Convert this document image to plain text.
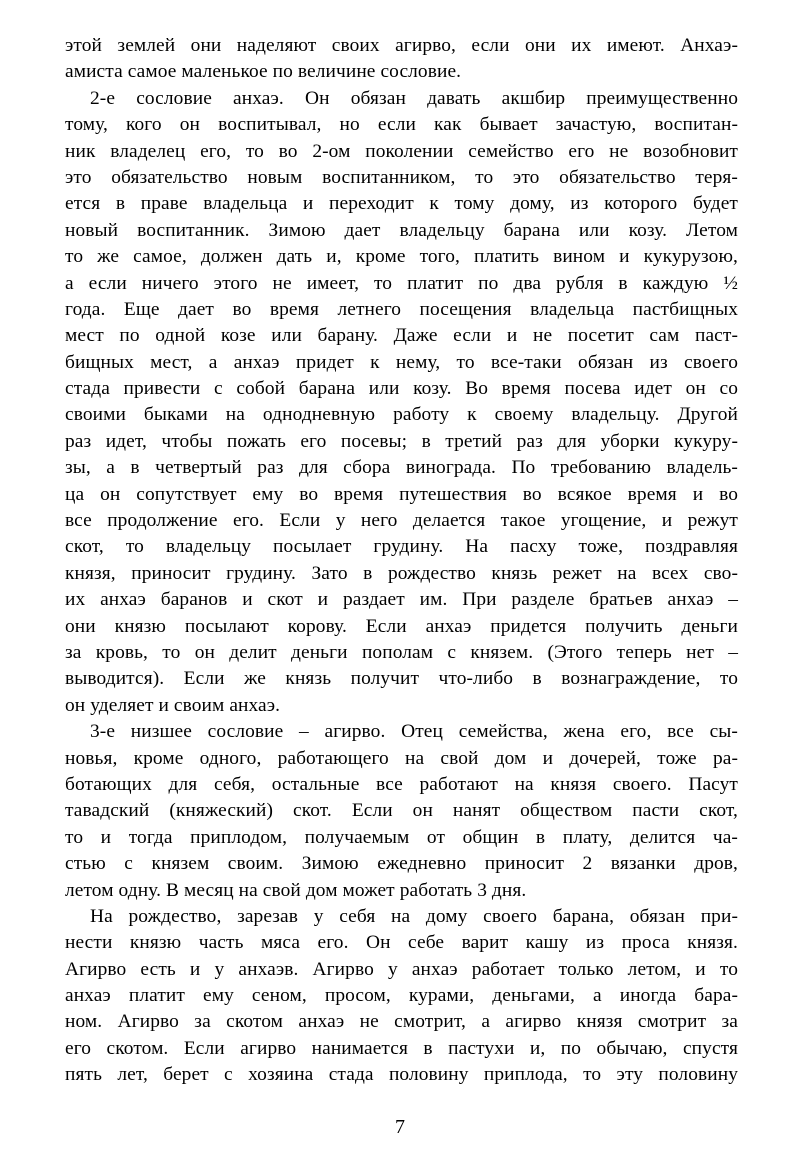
этой землей они наделяют своих агирво, если они их имеют. Анхаэ-
амиста самое маленькое по величине сословие.
2-е сословие анхаэ. Он обязан давать акшбир преимущественно
тому, кого он воспитывал, но если как бывает зачастую, воспитан-
ник владелец его, то во 2-ом поколении семейство его не возобновит
это обязательство новым воспитанником, то это обязательство теря-
ется в праве владельца и переходит к тому дому, из которого будет
новый воспитанник. Зимою дает владельцу барана или козу. Летом
то же самое, должен дать и, кроме того, платить вином и кукурузою,
а если ничего этого не имеет, то платит по два рубля в каждую ½
года. Еще дает во время летнего посещения владельца пастбищных
мест по одной козе или барану. Даже если и не посетит сам паст-
бищных мест, а анхаэ придет к нему, то все-таки обязан из своего
стада привести с собой барана или козу. Во время посева идет он со
своими быками на однодневную работу к своему владельцу. Другой
раз идет, чтобы пожать его посевы; в третий раз для уборки кукуру-
зы, а в четвертый раз для сбора винограда. По требованию владель-
ца он сопутствует ему во время путешествия во всякое время и во
все продолжение его. Если у него делается такое угощение, и режут
скот, то владельцу посылает грудину. На пасху тоже, поздравляя
князя, приносит грудину. Зато в рождество князь режет на всех сво-
их анхаэ баранов и скот и раздает им. При разделе братьев анхаэ –
они князю посылают корову. Если анхаэ придется получить деньги
за кровь, то он делит деньги пополам с князем. (Этого теперь нет –
выводится). Если же князь получит что-либо в вознаграждение, то
он уделяет и своим анхаэ.
3-е низшее сословие – агирво. Отец семейства, жена его, все сы-
новья, кроме одного, работающего на свой дом и дочерей, тоже ра-
ботающих для себя, остальные все работают на князя своего. Пасут
тавадский (княжеский) скот. Если он нанят обществом пасти скот,
то и тогда приплодом, получаемым от общин в плату, делится ча-
стью с князем своим. Зимою ежедневно приносит 2 вязанки дров,
летом одну. В месяц на свой дом может работать 3 дня.
На рождество, зарезав у себя на дому своего барана, обязан при-
нести князю часть мяса его. Он себе варит кашу из проса князя.
Агирво есть и у анхаэв. Агирво у анхаэ работает только летом, и то
анхаэ платит ему сеном, просом, курами, деньгами, а иногда бара-
ном. Агирво за скотом анхаэ не смотрит, а агирво князя смотрит за
его скотом. Если агирво нанимается в пастухи и, по обычаю, спустя
пять лет, берет с хозяина стада половину приплода, то эту половину
7
